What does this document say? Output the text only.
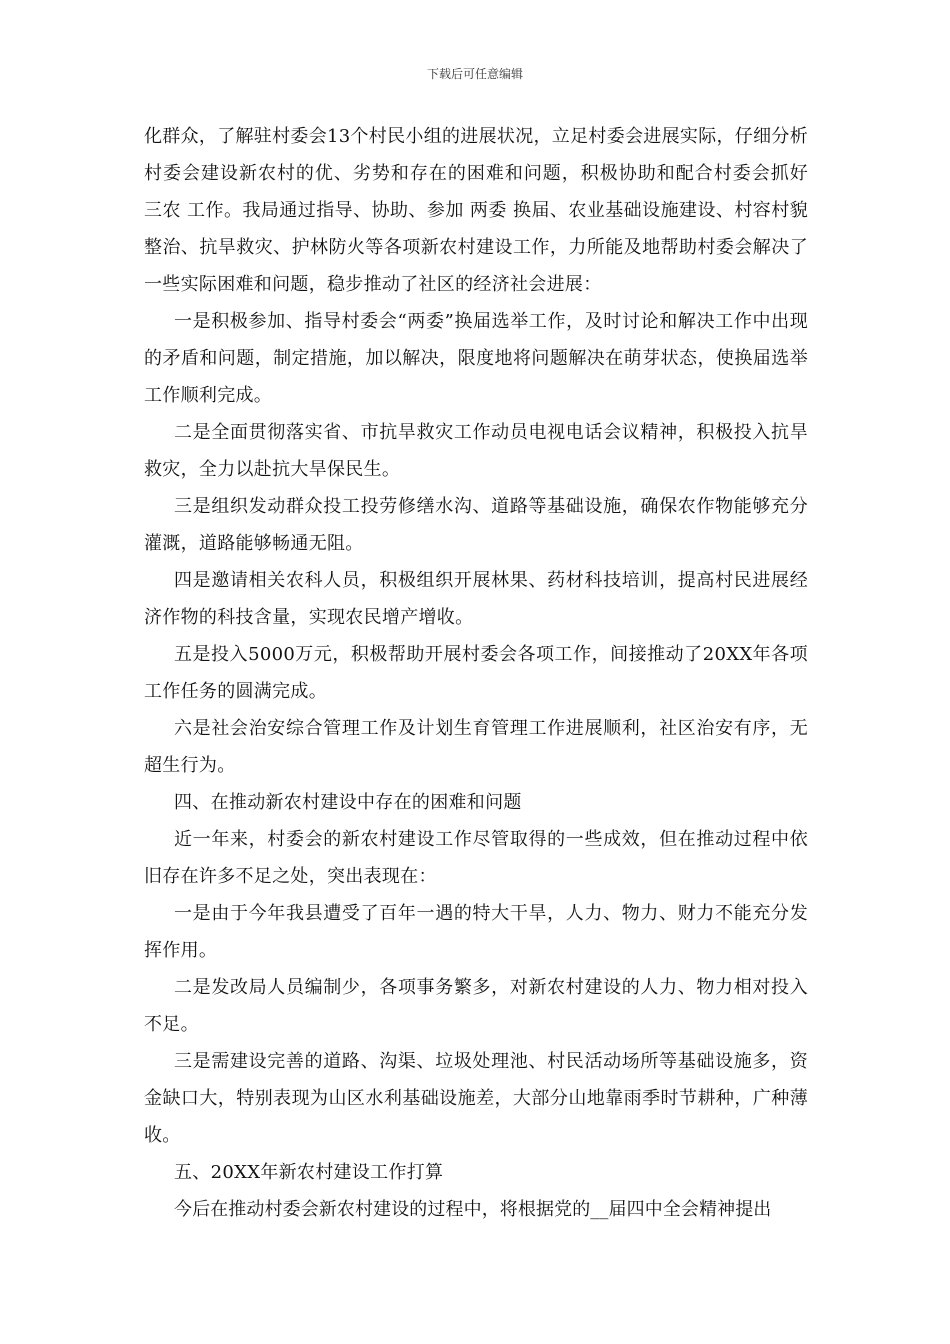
下载后可任意编辑

化群众，了解驻村委会13个村民小组的进展状况，立足村委会进展实际，仔细分析村委会建设新农村的优、劣势和存在的困难和问题，积极协助和配合村委会抓好 三农 工作。我局通过指导、协助、参加 两委 换届、农业基础设施建设、村容村貌整治、抗旱救灾、护林防火等各项新农村建设工作，力所能及地帮助村委会解决了一些实际困难和问题，稳步推动了社区的经济社会进展：

一是积极参加、指导村委会“两委”换届选举工作，及时讨论和解决工作中出现的矛盾和问题，制定措施，加以解决，限度地将问题解决在萌芽状态，使换届选举工作顺利完成。

二是全面贯彻落实省、市抗旱救灾工作动员电视电话会议精神，积极投入抗旱救灾，全力以赴抗大旱保民生。

三是组织发动群众投工投劳修缮水沟、道路等基础设施，确保农作物能够充分灌溉，道路能够畅通无阻。

四是邀请相关农科人员，积极组织开展林果、药材科技培训，提高村民进展经济作物的科技含量，实现农民增产增收。

五是投入5000万元，积极帮助开展村委会各项工作，间接推动了20XX年各项工作任务的圆满完成。

六是社会治安综合管理工作及计划生育管理工作进展顺利，社区治安有序，无超生行为。

四、在推动新农村建设中存在的困难和问题

近一年来，村委会的新农村建设工作尽管取得的一些成效，但在推动过程中依旧存在许多不足之处，突出表现在：

一是由于今年我县遭受了百年一遇的特大干旱，人力、物力、财力不能充分发挥作用。

二是发改局人员编制少，各项事务繁多，对新农村建设的人力、物力相对投入不足。

三是需建设完善的道路、沟渠、垃圾处理池、村民活动场所等基础设施多，资金缺口大，特别表现为山区水利基础设施差，大部分山地靠雨季时节耕种，广种薄收。

五、20XX年新农村建设工作打算

今后在推动村委会新农村建设的过程中，将根据党的__届四中全会精神提出
